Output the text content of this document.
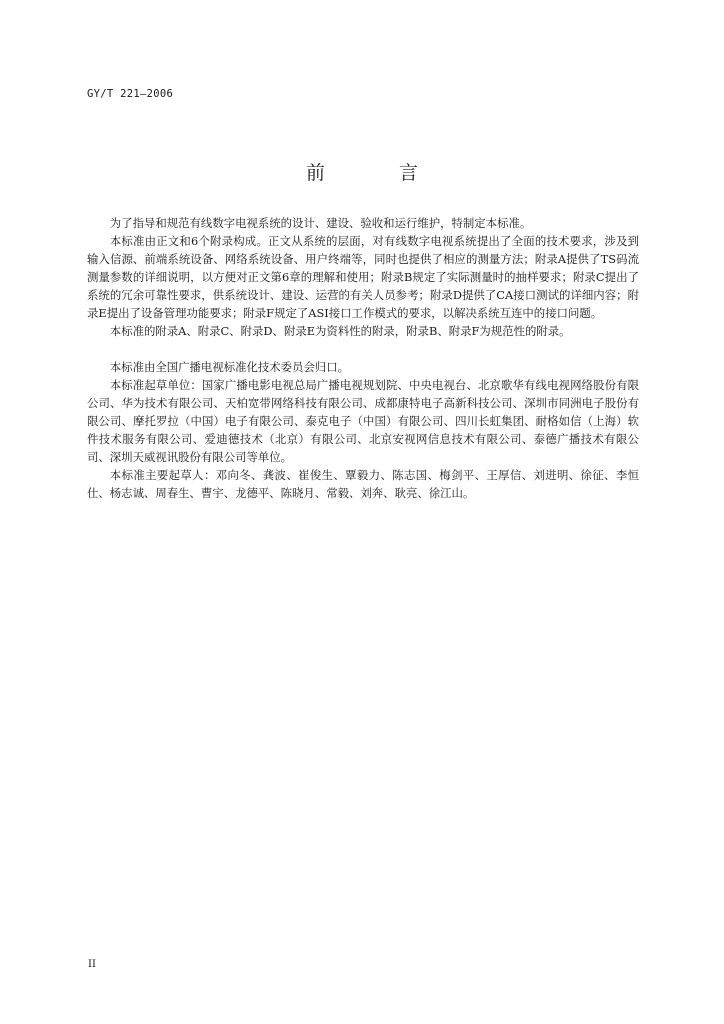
GY/T 221—2006
前 言

为了指导和规范有线数字电视系统的设计、建设、验收和运行维护，特制定本标准。

本标准由正文和6个附录构成。正文从系统的层面，对有线数字电视系统提出了全面的技术要求，涉及到输入信源、前端系统设备、网络系统设备、用户终端等，同时也提供了相应的测量方法；附录A提供了TS码流测量参数的详细说明，以方便对正文第6章的理解和使用；附录B规定了实际测量时的抽样要求；附录C提出了系统的冗余可靠性要求，供系统设计、建设、运营的有关人员参考；附录D提供了CA接口测试的详细内容；附录E提出了设备管理功能要求；附录F规定了ASI接口工作模式的要求，以解决系统互连中的接口问题。

本标准的附录A、附录C、附录D、附录E为资料性的附录，附录B、附录F为规范性的附录。

本标准由全国广播电视标准化技术委员会归口。

本标准起草单位：国家广播电影电视总局广播电视规划院、中央电视台、北京歌华有线电视网络股份有限公司、华为技术有限公司、天柏宽带网络科技有限公司、成都康特电子高新科技公司、深圳市同洲电子股份有限公司、摩托罗拉（中国）电子有限公司、泰克电子（中国）有限公司、四川长虹集团、耐格如信（上海）软件技术服务有限公司、爱迪德技术（北京）有限公司、北京安视网信息技术有限公司、泰德广播技术有限公司、深圳天威视讯股份有限公司等单位。

本标准主要起草人：邓向冬、龚波、崔俊生、覃毅力、陈志国、梅剑平、王厚信、刘进明、徐征、李恒仕、杨志诚、周春生、曹宇、龙德平、陈晓月、常毅、刘奔、耿亮、徐江山。

II
